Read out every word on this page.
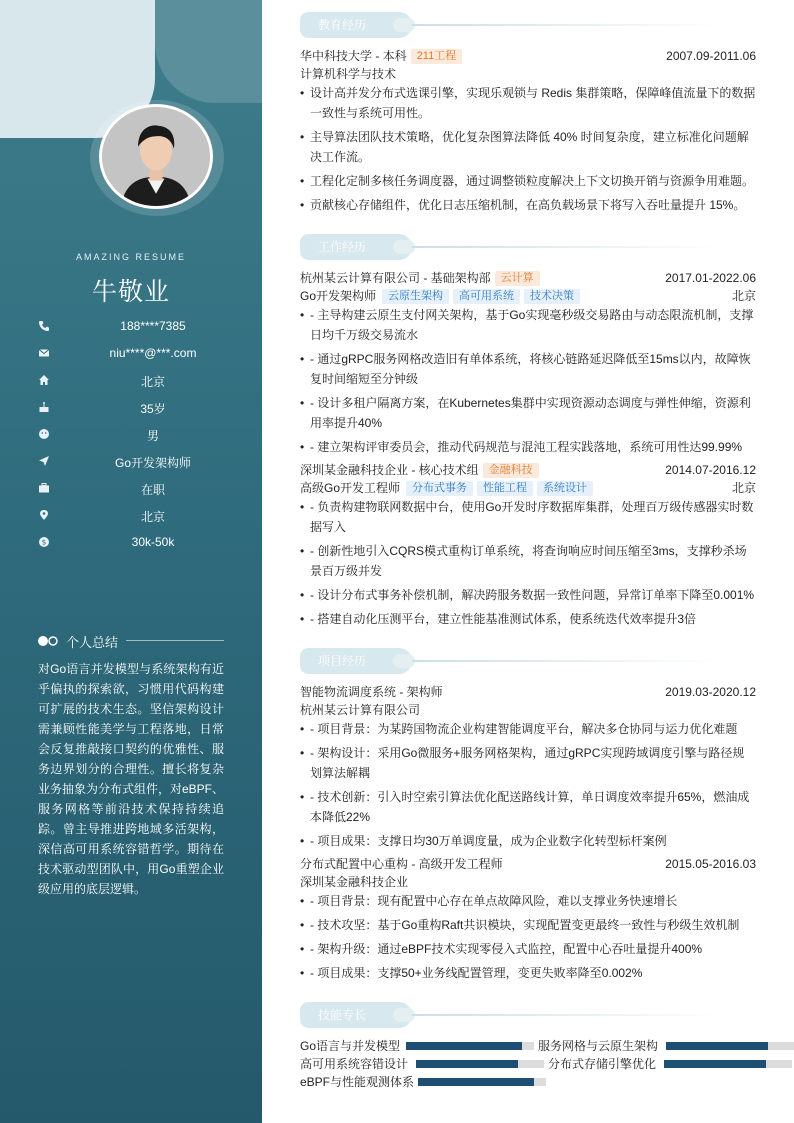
AMAZING RESUME
牛敬业
188****7385
niu****@***.com
北京
35岁
男
Go开发架构师
在职
北京
$	30k-50k
个人总结
对Go语言并发模型与系统架构有近乎偏执的探索欲，习惯用代码构建可扩展的技术生态。坚信架构设计需兼顾性能美学与工程落地，日常会反复推敲接口契约的优雅性、服务边界划分的合理性。擅长将复杂业务抽象为分布式组件，对eBPF、服务网格等前沿技术保持持续追踪。曾主导推进跨地域多活架构，深信高可用系统容错哲学。期待在技术驱动型团队中，用Go重塑企业级应用的底层逻辑。
教育经历
华中科技大学 - 本科 211工程	2007.09-2011.06
计算机科学与技术
• 设计高并发分布式选课引擎，实现乐观锁与 Redis 集群策略，保障峰值流量下的数据一致性与系统可用性。
• 主导算法团队技术策略，优化复杂图算法降低 40% 时间复杂度，建立标准化问题解决工作流。
• 工程化定制多核任务调度器，通过调整锁粒度解决上下文切换开销与资源争用难题。
• 贡献核心存储组件，优化日志压缩机制，在高负载场景下将写入吞吐量提升 15%。
工作经历
杭州某云计算有限公司 - 基础架构部 云计算	2017.01-2022.06
Go开发架构师 云原生架构 高可用系统 技术决策	北京
• - 主导构建云原生支付网关架构，基于Go实现毫秒级交易路由与动态限流机制，支撑日均千万级交易流水
• - 通过gRPC服务网格改造旧有单体系统，将核心链路延迟降低至15ms以内，故障恢复时间缩短至分钟级
• - 设计多租户隔离方案，在Kubernetes集群中实现资源动态调度与弹性伸缩，资源利用率提升40%
• - 建立架构评审委员会，推动代码规范与混沌工程实践落地，系统可用性达99.99%
深圳某金融科技企业 - 核心技术组 金融科技	2014.07-2016.12
高级Go开发工程师 分布式事务 性能工程 系统设计	北京
• - 负责构建物联网数据中台，使用Go开发时序数据库集群，处理百万级传感器实时数据写入
• - 创新性地引入CQRS模式重构订单系统，将查询响应时间压缩至3ms，支撑秒杀场景百万级并发
• - 设计分布式事务补偿机制，解决跨服务数据一致性问题，异常订单率下降至0.001%
• - 搭建自动化压测平台，建立性能基准测试体系，使系统迭代效率提升3倍
项目经历
智能物流调度系统 - 架构师	2019.03-2020.12
杭州某云计算有限公司
• - 项目背景：为某跨国物流企业构建智能调度平台，解决多仓协同与运力优化难题
• - 架构设计：采用Go微服务+服务网格架构，通过gRPC实现跨域调度引擎与路径规划算法解耦
• - 技术创新：引入时空索引算法优化配送路线计算，单日调度效率提升65%，燃油成本降低22%
• - 项目成果：支撑日均30万单调度量，成为企业数字化转型标杆案例
分布式配置中心重构 - 高级开发工程师	2015.05-2016.03
深圳某金融科技企业
• - 项目背景：现有配置中心存在单点故障风险，难以支撑业务快速增长
• - 技术攻坚：基于Go重构Raft共识模块，实现配置变更最终一致性与秒级生效机制
• - 架构升级：通过eBPF技术实现零侵入式监控，配置中心吞吐量提升400%
• - 项目成果：支撑50+业务线配置管理，变更失败率降至0.002%
技能专长
Go语言与并发模型	服务网格与云原生架构
高可用系统容错设计	分布式存储引擎优化
eBPF与性能观测体系
